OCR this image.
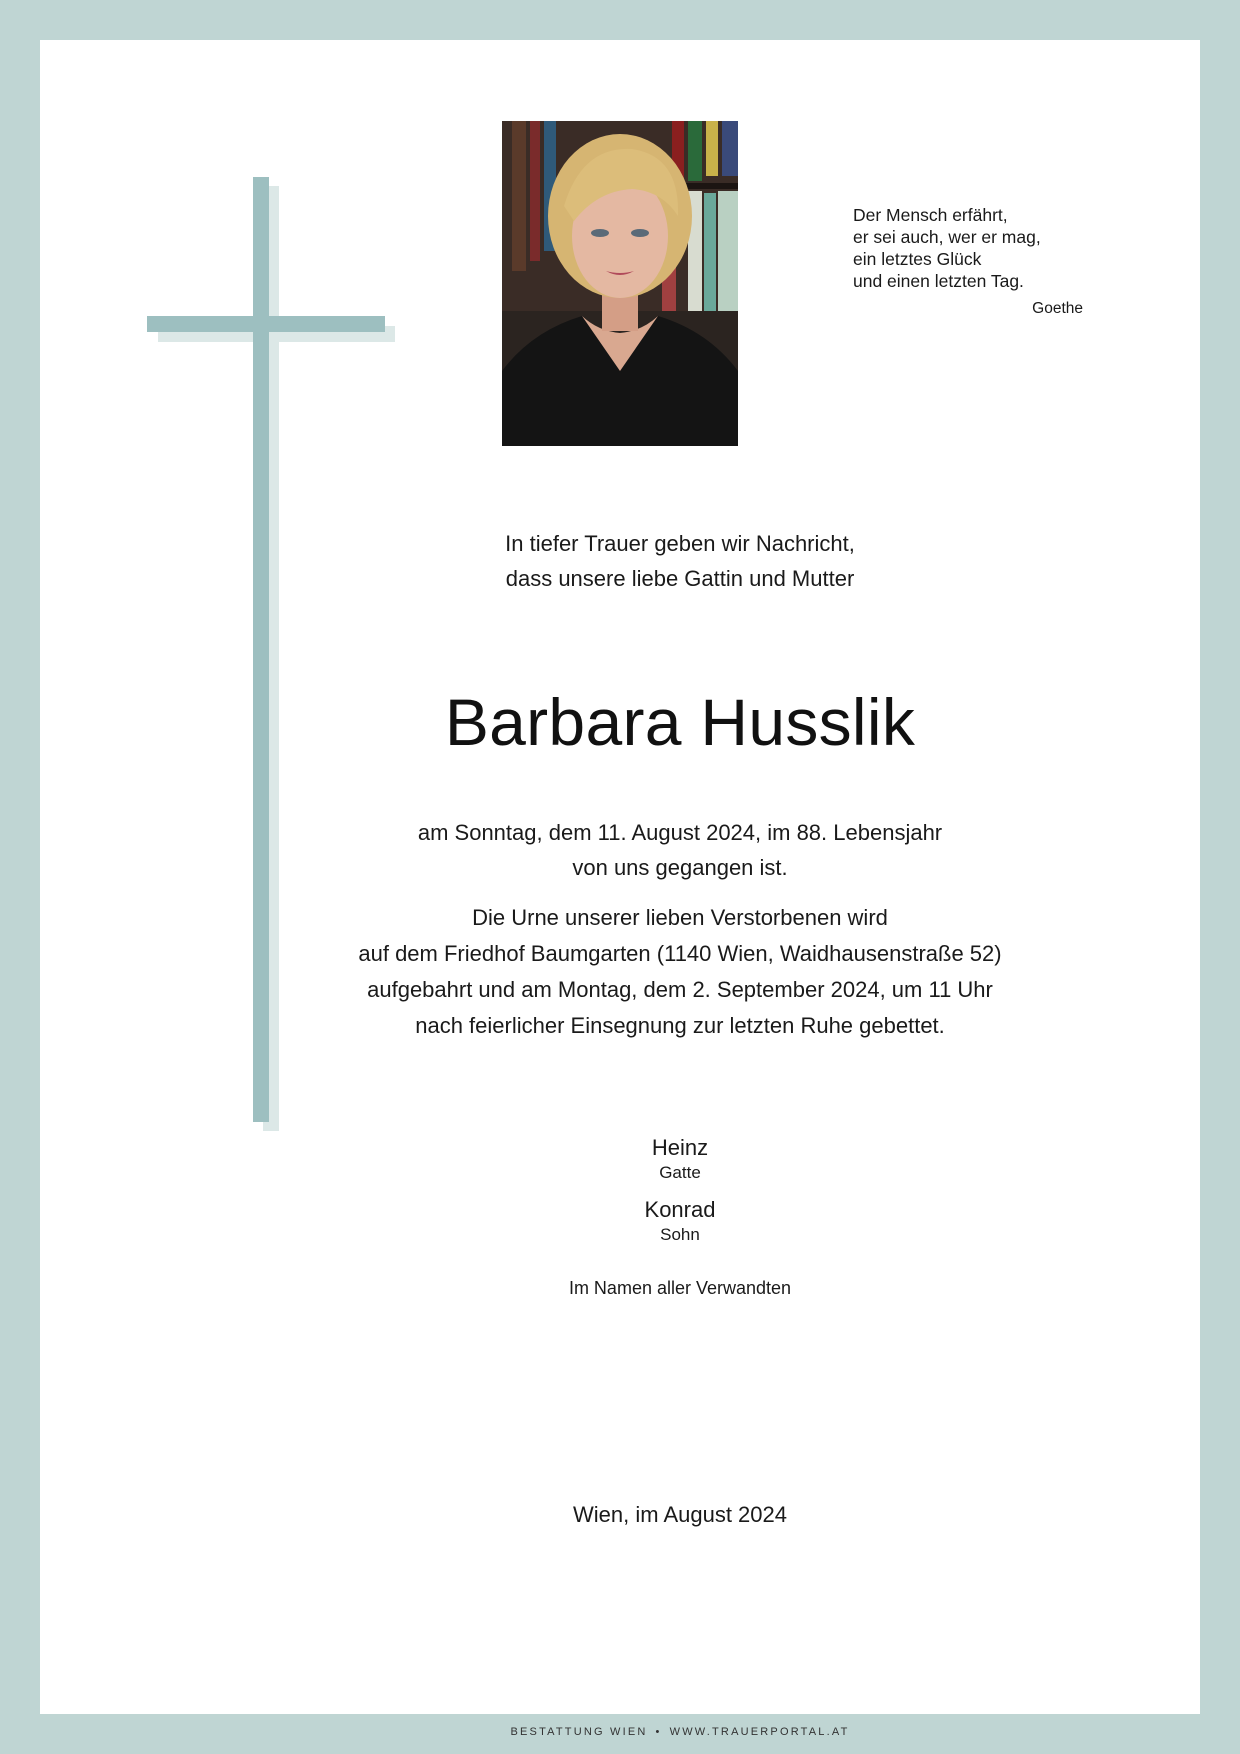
Der Mensch erfährt,
er sei auch, wer er mag,
ein letztes Glück
und einen letzten Tag.
Goethe
In tiefer Trauer geben wir Nachricht,
dass unsere liebe Gattin und Mutter
Barbara Husslik
am Sonntag, dem 11. August 2024, im 88. Lebensjahr
von uns gegangen ist.
Die Urne unserer lieben Verstorbenen wird
auf dem Friedhof Baumgarten (1140 Wien, Waidhausenstraße 52)
aufgebahrt und am Montag, dem 2. September 2024, um 11 Uhr
nach feierlicher Einsegnung zur letzten Ruhe gebettet.
Heinz
Gatte
Konrad
Sohn
Im Namen aller Verwandten
Wien, im August 2024
BESTATTUNG WIEN • WWW.TRAUERPORTAL.AT
